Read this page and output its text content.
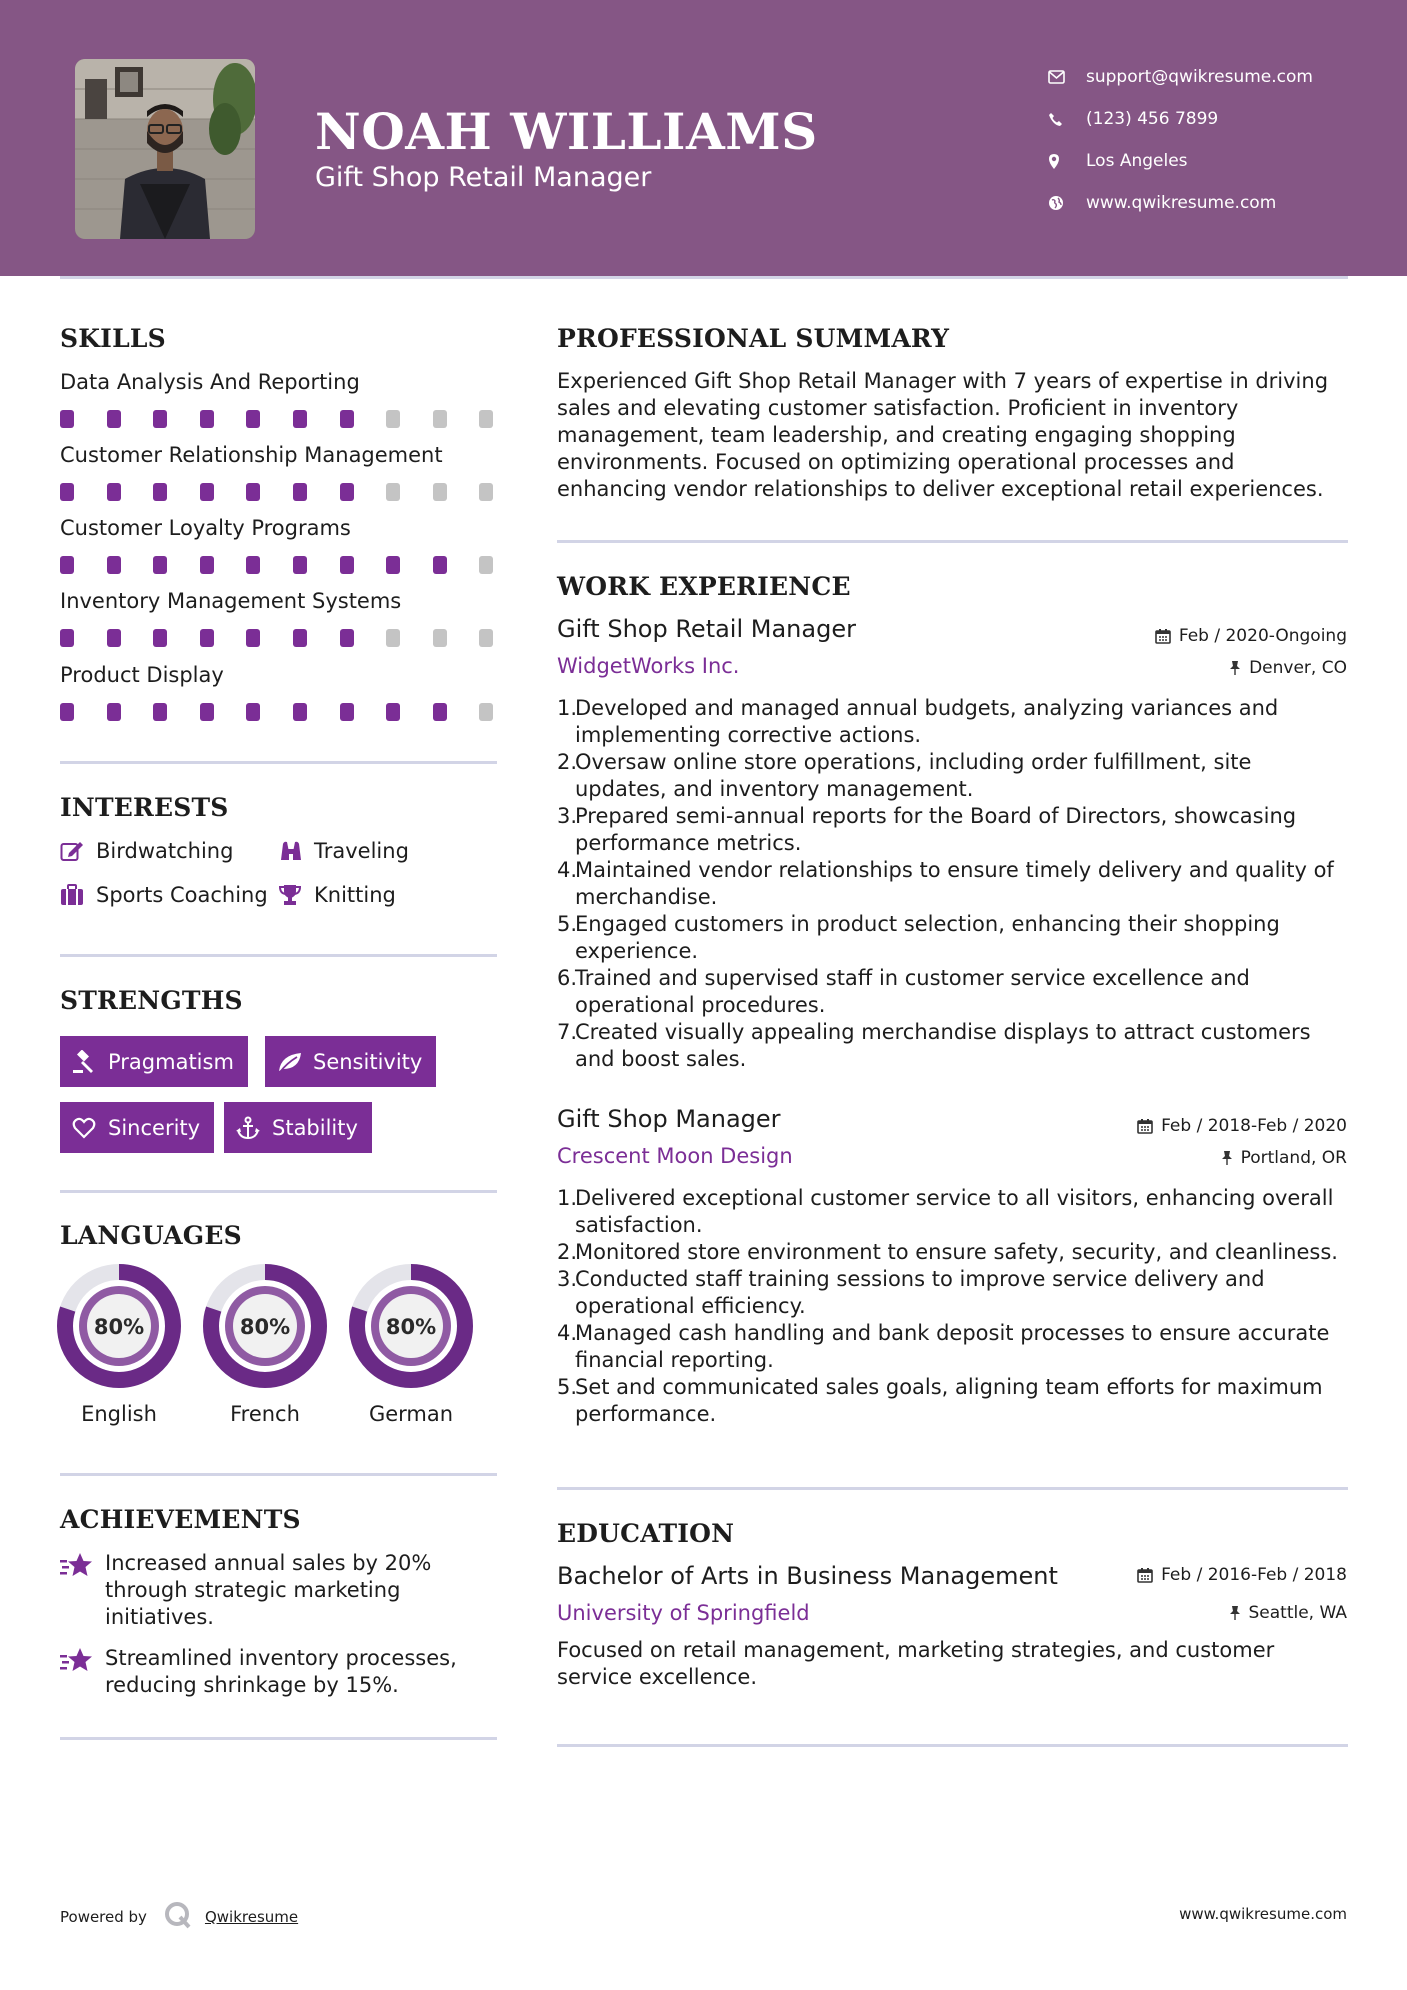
NOAH WILLIAMS
Gift Shop Retail Manager
support@qwikresume.com
(123) 456 7899
Los Angeles
www.qwikresume.com
SKILLS
Data Analysis And Reporting
Customer Relationship Management
Customer Loyalty Programs
Inventory Management Systems
Product Display
INTERESTS
Birdwatching	Traveling
Sports Coaching Knitting
STRENGTHS
Pragmatism	Sensitivity
Sincerity	Stability
LANGUAGES
80%
English
80%
French
80%
German
ACHIEVEMENTS
Increased annual sales by 20% through strategic marketing initiatives.
Streamlined inventory processes, reducing shrinkage by 15%.
PROFESSIONAL SUMMARY
Experienced Gift Shop Retail Manager with 7 years of expertise in driving sales and elevating customer satisfaction. Proficient in inventory management, team leadership, and creating engaging shopping environments. Focused on optimizing operational processes and enhancing vendor relationships to deliver exceptional retail experiences.
WORK EXPERIENCE
Gift Shop Retail Manager	Feb / 2020-Ongoing
WidgetWorks Inc.	Denver, CO
1.
Developed and managed annual budgets, analyzing variances and implementing corrective actions.
2.
Oversaw online store operations, including order fulfillment, site updates, and inventory management.
3.
Prepared semi-annual reports for the Board of Directors, showcasing performance metrics.
4.
Maintained vendor relationships to ensure timely delivery and quality of merchandise.
5.
Engaged customers in product selection, enhancing their shopping experience.
6.
Trained and supervised staff in customer service excellence and operational procedures.
7.
Created visually appealing merchandise displays to attract customers and boost sales.
Gift Shop Manager	Feb / 2018-Feb / 2020
Crescent Moon Design	Portland, OR
1.
Delivered exceptional customer service to all visitors, enhancing overall satisfaction.
2.
Monitored store environment to ensure safety, security, and cleanliness.
3.
Conducted staff training sessions to improve service delivery and operational efficiency.
4.
Managed cash handling and bank deposit processes to ensure accurate financial reporting.
5.
Set and communicated sales goals, aligning team efforts for maximum performance.
EDUCATION
Bachelor of Arts in Business Management	Feb / 2016-Feb / 2018
University of Springfield	Seattle, WA
Focused on retail management, marketing strategies, and customer service excellence.
Powered by	Qwikresume	www.qwikresume.com
